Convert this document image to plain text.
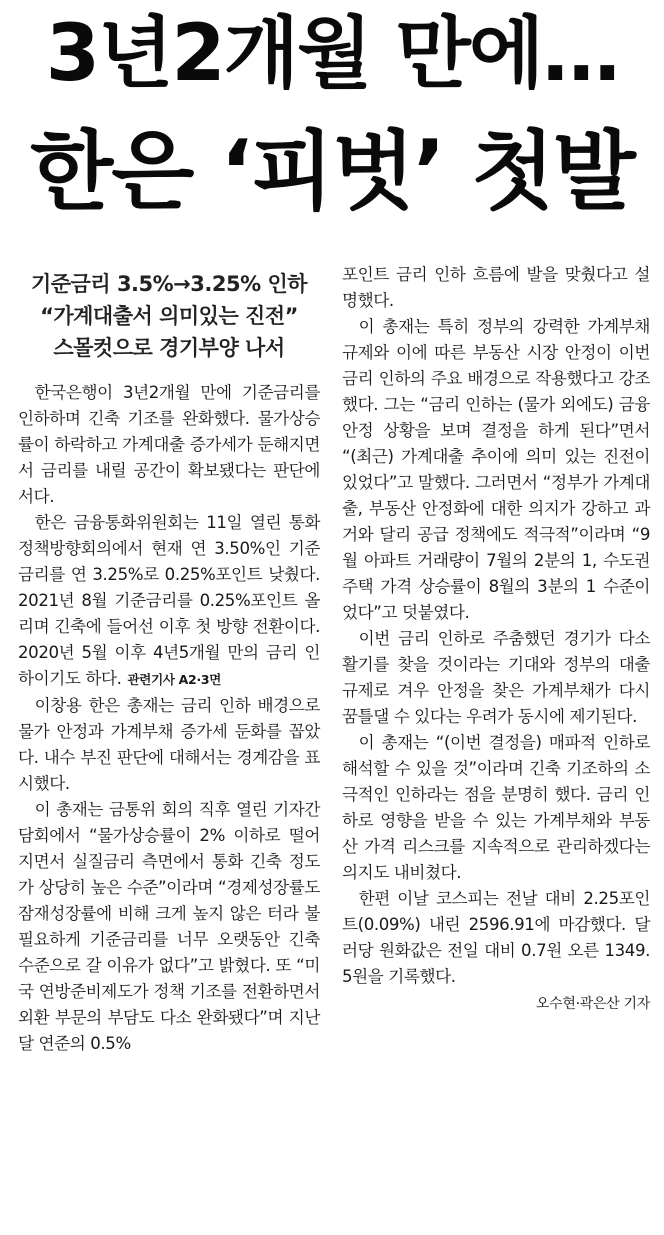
3년2개월 만에…
한은 ‘피벗’ 첫발
기준금리 3.5%→3.25% 인하
“가계대출서 의미있는 진전”
스몰컷으로 경기부양 나서

한국은행이 3년2개월 만에 기준금리를 인하하며 긴축 기조를 완화했다. 물가상승률이 하락하고 가계대출 증가세가 둔해지면서 금리를 내릴 공간이 확보됐다는 판단에서다.

한은 금융통화위원회는 11일 열린 통화정책방향회의에서 현재 연 3.50%인 기준금리를 연 3.25%로 0.25%포인트 낮췄다. 2021년 8월 기준금리를 0.25%포인트 올리며 긴축에 들어선 이후 첫 방향 전환이다. 2020년 5월 이후 4년5개월 만의 금리 인하이기도 하다. 관련기사 A2·3면

이창용 한은 총재는 금리 인하 배경으로 물가 안정과 가계부채 증가세 둔화를 꼽았다. 내수 부진 판단에 대해서는 경계감을 표시했다.

이 총재는 금통위 회의 직후 열린 기자간담회에서 “물가상승률이 2% 이하로 떨어지면서 실질금리 측면에서 통화 긴축 정도가 상당히 높은 수준”이라며 “경제성장률도 잠재성장률에 비해 크게 높지 않은 터라 불필요하게 기준금리를 너무 오랫동안 긴축 수준으로 갈 이유가 없다”고 밝혔다. 또 “미국 연방준비제도가 정책 기조를 전환하면서 외환 부문의 부담도 다소 완화됐다”며 지난달 연준의 0.5%

포인트 금리 인하 흐름에 발을 맞췄다고 설명했다.

이 총재는 특히 정부의 강력한 가계부채 규제와 이에 따른 부동산 시장 안정이 이번 금리 인하의 주요 배경으로 작용했다고 강조했다. 그는 “금리 인하는 (물가 외에도) 금융 안정 상황을 보며 결정을 하게 된다”면서 “(최근) 가계대출 추이에 의미 있는 진전이 있었다”고 말했다. 그러면서 “정부가 가계대출, 부동산 안정화에 대한 의지가 강하고 과거와 달리 공급 정책에도 적극적”이라며 “9월 아파트 거래량이 7월의 2분의 1, 수도권 주택 가격 상승률이 8월의 3분의 1 수준이었다”고 덧붙였다.

이번 금리 인하로 주춤했던 경기가 다소 활기를 찾을 것이라는 기대와 정부의 대출 규제로 겨우 안정을 찾은 가계부채가 다시 꿈틀댈 수 있다는 우려가 동시에 제기된다.

이 총재는 “(이번 결정을) 매파적 인하로 해석할 수 있을 것”이라며 긴축 기조하의 소극적인 인하라는 점을 분명히 했다. 금리 인하로 영향을 받을 수 있는 가계부채와 부동산 가격 리스크를 지속적으로 관리하겠다는 의지도 내비쳤다.

한편 이날 코스피는 전날 대비 2.25포인트(0.09%) 내린 2596.91에 마감했다. 달러당 원화값은 전일 대비 0.7원 오른 1349.5원을 기록했다.

오수현·곽은산 기자
